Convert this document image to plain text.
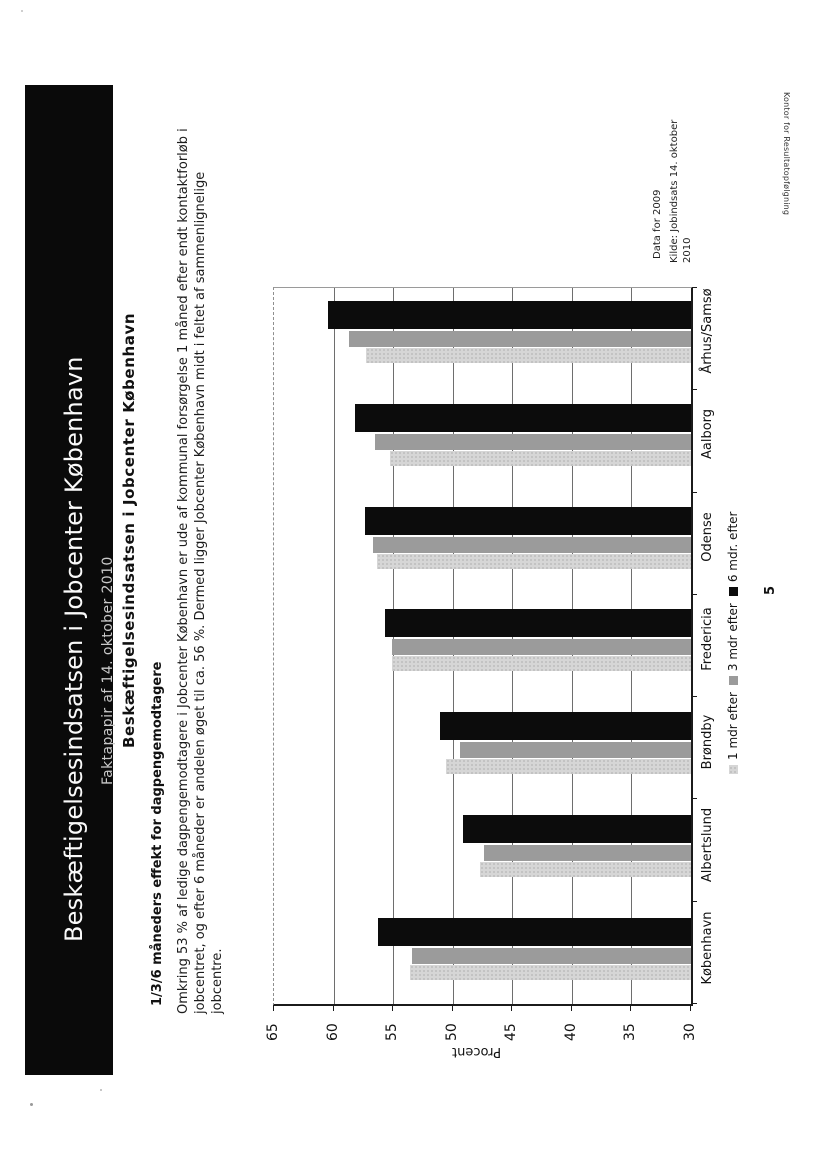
Beskæftigelsesindsatsen i Jobcenter København Faktapapir af 14. oktober 2010 Beskæftigelsesindsatsen i Jobcenter København
1/3/6 måneders effekt for dagpengemodtagere Omkring 53 % af ledige dagpengemodtagere i Jobcenter København er ude af kommunal forsørgelse 1 måned efter endt kontaktforløb i jobcentret, og efter 6 måneder er andelen øget til ca. 56 %. Dermed ligger Jobcenter København midt i feltet af sammenlignelige jobcentre.
Procent
1 mdr efter
3 mdr efter
6 mdr. efter
Data for 2009 Kilde: Jobindsats 14. oktober 2010
Kontor for Resultatopfølgning
5
65	60	55	50	45	40	35	30
København
Albertslund
Brøndby
Fredericia
Odense
Aalborg
Århus/Samsø
